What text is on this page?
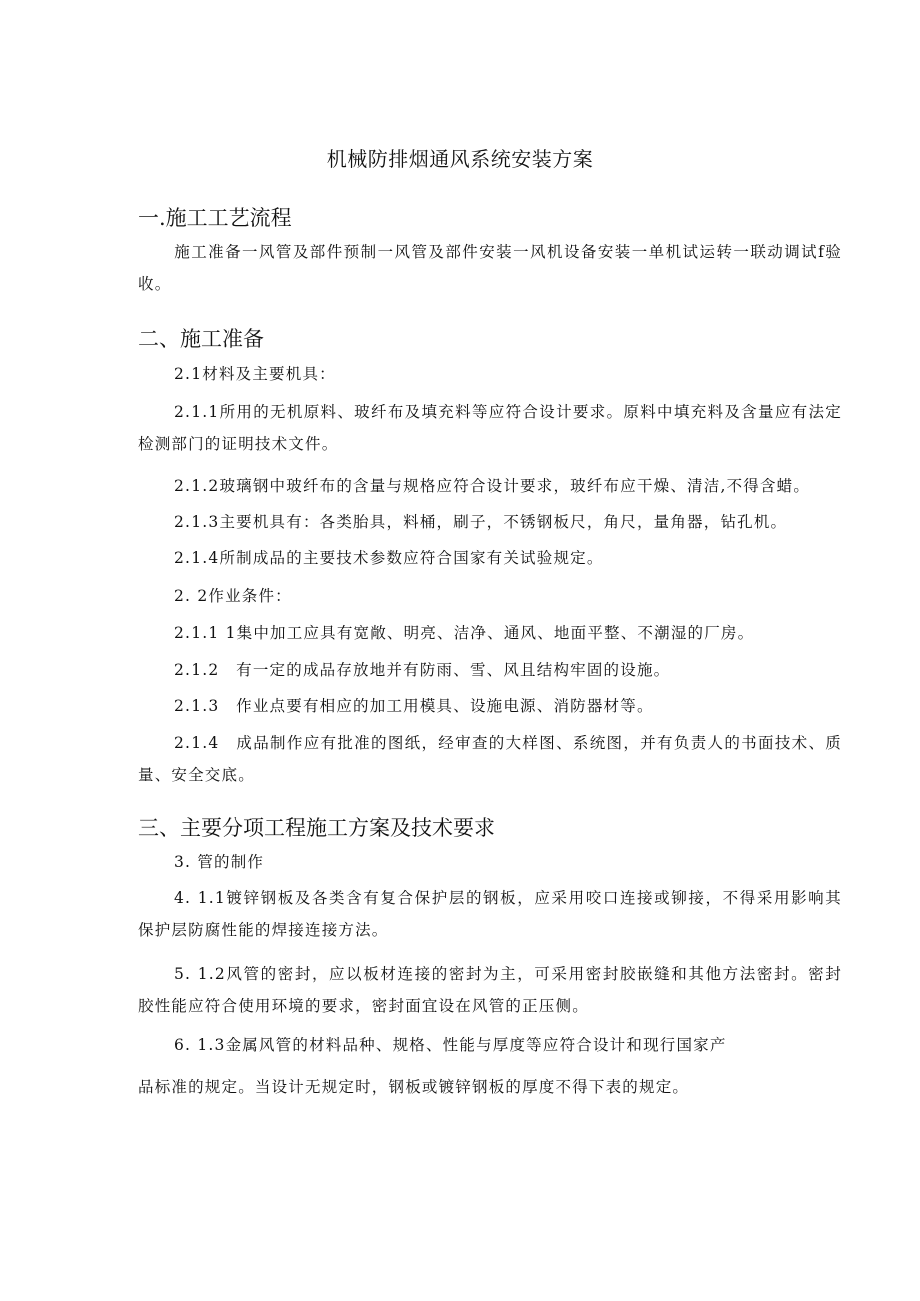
机械防排烟通风系统安装方案
一.施工工艺流程
施工准备一风管及部件预制一风管及部件安装一风机设备安装一单机试运转一联动调试f验收。
二、施工准备
2.1材料及主要机具：
2.1.1所用的无机原料、玻纤布及填充料等应符合设计要求。原料中填充料及含量应有法定检测部门的证明技术文件。
2.1.2玻璃钢中玻纤布的含量与规格应符合设计要求，玻纤布应干燥、清洁,不得含蜡。
2.1.3主要机具有：各类胎具，料桶，刷子，不锈钢板尺，角尺，量角器，钻孔机。
2.1.4所制成品的主要技术参数应符合国家有关试验规定。
2. 2作业条件：
2.1.1 1集中加工应具有宽敞、明亮、洁净、通风、地面平整、不潮湿的厂房。
2.1.2　有一定的成品存放地并有防雨、雪、风且结构牢固的设施。
2.1.3　作业点要有相应的加工用模具、设施电源、消防器材等。
2.1.4　成品制作应有批准的图纸，经审查的大样图、系统图，并有负责人的书面技术、质量、安全交底。
三、主要分项工程施工方案及技术要求
3. 管的制作
4. 1.1镀锌钢板及各类含有复合保护层的钢板，应采用咬口连接或铆接，不得采用影响其保护层防腐性能的焊接连接方法。
5. 1.2风管的密封，应以板材连接的密封为主，可采用密封胶嵌缝和其他方法密封。密封胶性能应符合使用环境的要求，密封面宜设在风管的正压侧。
6. 1.3金属风管的材料品种、规格、性能与厚度等应符合设计和现行国家产
品标准的规定。当设计无规定时，钢板或镀锌钢板的厚度不得下表的规定。
